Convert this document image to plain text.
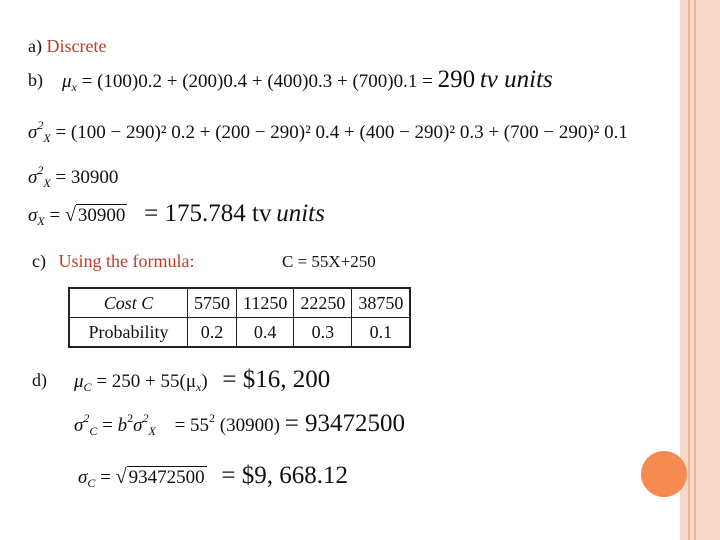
a) Discrete
b) $\mu_x = (100)0.2 + (200)0.4 + (400)0.3 + (700)0.1 = 290$ tv units
$\sigma^2_X = (100 - 290)^2$ 0.2 + (200 − 290)² 0.4 + (400 − 290)² 0.3 + (700 − 290)² 0.1
$\sigma^2_X = 30900$
$\sigma_X$ = √ 30900 = 175.784 tv units
c) Using the formula:	C = 55X+250
Cost C	5750	11250	22250	38750
Probability	0.2	0.4	0.3	0.1
d) $\mu_C = 250 + 55(\mu_x)$ = $16, 200
$\sigma^2_C = b^2\sigma^2_X = 55^2$ (30900) = 93472500
$\sigma_C$ = √ 93472500 = $9, 668.12
